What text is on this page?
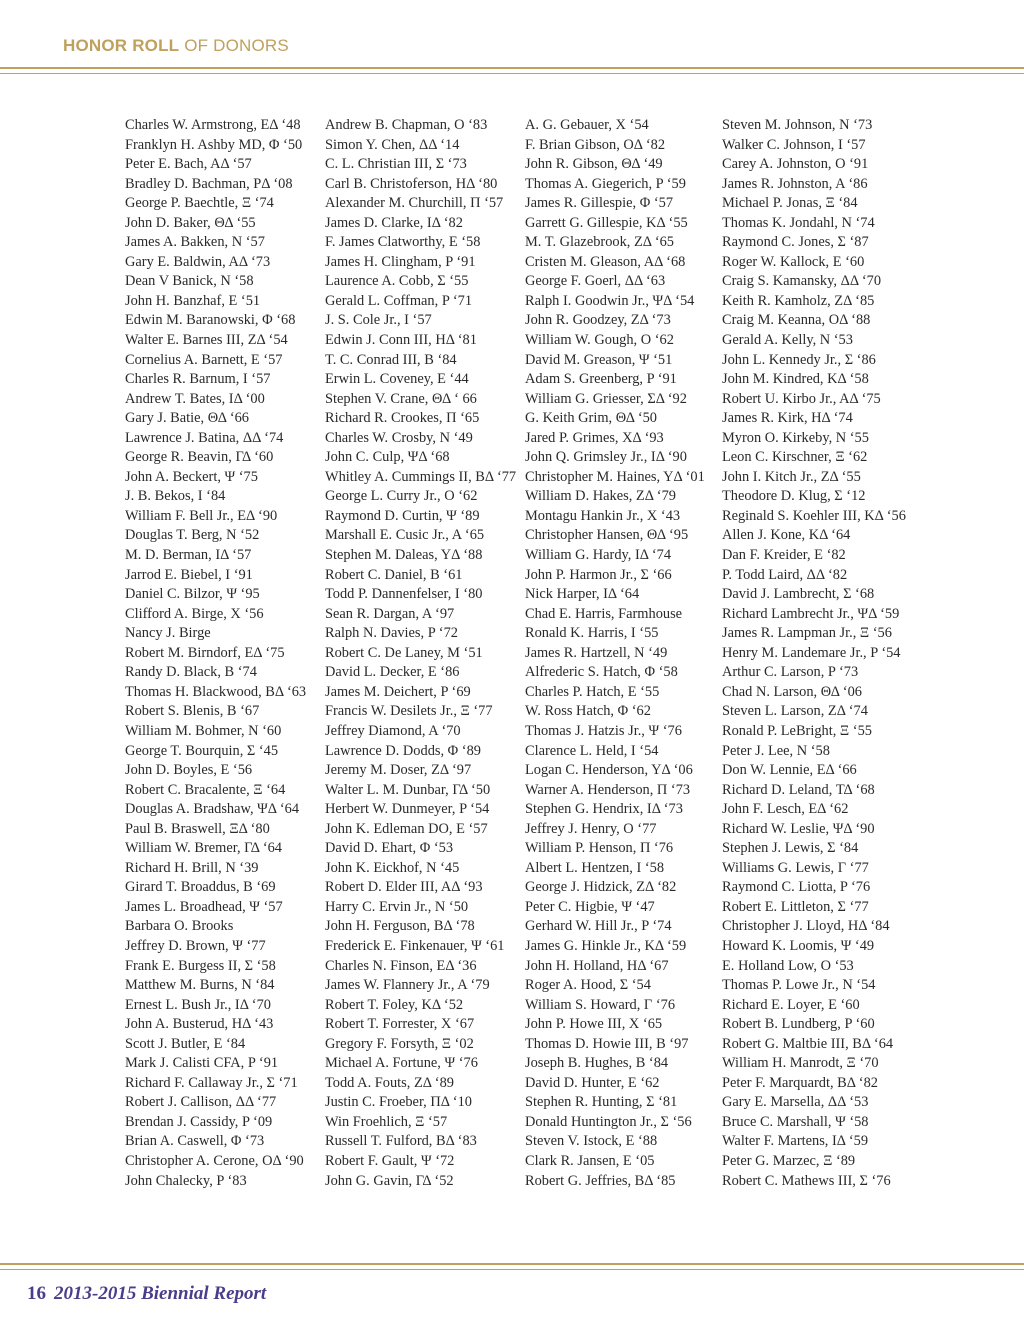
HONOR ROLL OF DONORS
Charles W. Armstrong, EΔ ‘48
Franklyn H. Ashby MD, Φ ‘50
Peter E. Bach, AΔ ‘57
Bradley D. Bachman, PΔ ‘08
George P. Baechtle, Ξ ‘74
John D. Baker, ΘΔ ‘55
James A. Bakken, N ‘57
Gary E. Baldwin, AΔ ‘73
Dean V Banick, N ‘58
John H. Banzhaf, E ‘51
Edwin M. Baranowski, Φ ‘68
Walter E. Barnes III, ZΔ ‘54
Cornelius A. Barnett, E ‘57
Charles R. Barnum, I ‘57
Andrew T. Bates, IΔ ‘00
Gary J. Batie, ΘΔ ‘66
Lawrence J. Batina, ΔΔ ‘74
George R. Beavin, ΓΔ ‘60
John A. Beckert, Ψ ‘75
J. B. Bekos, I ‘84
William F. Bell Jr., EΔ ‘90
Douglas T. Berg, N ‘52
M. D. Berman, IΔ ‘57
Jarrod E. Biebel, I ‘91
Daniel C. Bilzor, Ψ ‘95
Clifford A. Birge, X ‘56
Nancy J. Birge
Robert M. Birndorf, EΔ ‘75
Randy D. Black, B ‘74
Thomas H. Blackwood, BΔ ‘63
Robert S. Blenis, B ‘67
William M. Bohmer, N ‘60
George T. Bourquin, Σ ‘45
John D. Boyles, E ‘56
Robert C. Bracalente, Ξ ‘64
Douglas A. Bradshaw, ΨΔ ‘64
Paul B. Braswell, ΞΔ ‘80
William W. Bremer, ΓΔ ‘64
Richard H. Brill, N ‘39
Girard T. Broaddus, B ‘69
James L. Broadhead, Ψ ‘57
Barbara O. Brooks
Jeffrey D. Brown, Ψ ‘77
Frank E. Burgess II, Σ ‘58
Matthew M. Burns, N ‘84
Ernest L. Bush Jr., IΔ ‘70
John A. Busterud, HΔ ‘43
Scott J. Butler, E ‘84
Mark J. Calisti CFA, P ‘91
Richard F. Callaway Jr., Σ ‘71
Robert J. Callison, ΔΔ ‘77
Brendan J. Cassidy, P ‘09
Brian A. Caswell, Φ ‘73
Christopher A. Cerone, OΔ ‘90
John Chalecky, P ‘83
Andrew B. Chapman, O ‘83
Simon Y. Chen, ΔΔ ‘14
C. L. Christian III, Σ ‘73
Carl B. Christoferson, HΔ ‘80
Alexander M. Churchill, Π ‘57
James D. Clarke, IΔ ‘82
F. James Clatworthy, E ‘58
James H. Clingham, P ‘91
Laurence A. Cobb, Σ ‘55
Gerald L. Coffman, P ‘71
J. S. Cole Jr., I ‘57
Edwin J. Conn III, HΔ ‘81
T. C. Conrad III, B ‘84
Erwin L. Coveney, E ‘44
Stephen V. Crane, ΘΔ ‘ 66
Richard R. Crookes, Π ‘65
Charles W. Crosby, N ‘49
John C. Culp, ΨΔ ‘68
Whitley A. Cummings II, BΔ ‘77
George L. Curry Jr., O ‘62
Raymond D. Curtin, Ψ ‘89
Marshall E. Cusic Jr., A ‘65
Stephen M. Daleas, YΔ ‘88
Robert C. Daniel, B ‘61
Todd P. Dannenfelser, I ‘80
Sean R. Dargan, A ‘97
Ralph N. Davies, P ‘72
Robert C. De Laney, M ‘51
David L. Decker, E ‘86
James M. Deichert, P ‘69
Francis W. Desilets Jr., Ξ ‘77
Jeffrey Diamond, A ‘70
Lawrence D. Dodds, Φ ‘89
Jeremy M. Doser, ZΔ ‘97
Walter L. M. Dunbar, ΓΔ ‘50
Herbert W. Dunmeyer, P ‘54
John K. Edleman DO, E ‘57
David D. Ehart, Φ ‘53
John K. Eickhof, N ‘45
Robert D. Elder III, AΔ ‘93
Harry C. Ervin Jr., N ‘50
John H. Ferguson, BΔ ‘78
Frederick E. Finkenauer, Ψ ‘61
Charles N. Finson, EΔ ‘36
James W. Flannery Jr., A ‘79
Robert T. Foley, KΔ ‘52
Robert T. Forrester, X ‘67
Gregory F. Forsyth, Ξ ‘02
Michael A. Fortune, Ψ ‘76
Todd A. Fouts, ZΔ ‘89
Justin C. Froeber, ΠΔ ‘10
Win Froehlich, Ξ ‘57
Russell T. Fulford, BΔ ‘83
Robert F. Gault, Ψ ‘72
John G. Gavin, ΓΔ ‘52
A. G. Gebauer, X ‘54
F. Brian Gibson, OΔ ‘82
John R. Gibson, ΘΔ ‘49
Thomas A. Giegerich, P ‘59
James R. Gillespie, Φ ‘57
Garrett G. Gillespie, KΔ ‘55
M. T. Glazebrook, ZΔ ‘65
Cristen M. Gleason, AΔ ‘68
George F. Goerl, ΔΔ ‘63
Ralph I. Goodwin Jr., ΨΔ ‘54
John R. Goodzey, ZΔ ‘73
William W. Gough, O ‘62
David M. Greason, Ψ ‘51
Adam S. Greenberg, P ‘91
William G. Griesser, ΣΔ ‘92
G. Keith Grim, ΘΔ ‘50
Jared P. Grimes, XΔ ‘93
John Q. Grimsley Jr., IΔ ‘90
Christopher M. Haines, YΔ ‘01
William D. Hakes, ZΔ ‘79
Montagu Hankin Jr., X ‘43
Christopher Hansen, ΘΔ ‘95
William G. Hardy, IΔ ‘74
John P. Harmon Jr., Σ ‘66
Nick Harper, IΔ ‘64
Chad E. Harris, Farmhouse
Ronald K. Harris, I ‘55
James R. Hartzell, N ‘49
Alfrederic S. Hatch, Φ ‘58
Charles P. Hatch, E ‘55
W. Ross Hatch, Φ ‘62
Thomas J. Hatzis Jr., Ψ ‘76
Clarence L. Held, I ‘54
Logan C. Henderson, YΔ ‘06
Warner A. Henderson, Π ‘73
Stephen G. Hendrix, IΔ ‘73
Jeffrey J. Henry, O ‘77
William P. Henson, Π ‘76
Albert L. Hentzen, I ‘58
George J. Hidzick, ZΔ ‘82
Peter C. Higbie, Ψ ‘47
Gerhard W. Hill Jr., P ‘74
James G. Hinkle Jr., KΔ ‘59
John H. Holland, HΔ ‘67
Roger A. Hood, Σ ‘54
William S. Howard, Γ ‘76
John P. Howe III, X ‘65
Thomas D. Howie III, B ‘97
Joseph B. Hughes, B ‘84
David D. Hunter, E ‘62
Stephen R. Hunting, Σ ‘81
Donald Huntington Jr., Σ ‘56
Steven V. Istock, E ‘88
Clark R. Jansen, E ‘05
Robert G. Jeffries, BΔ ‘85
Steven M. Johnson, N ‘73
Walker C. Johnson, I ‘57
Carey A. Johnston, O ‘91
James R. Johnston, A ‘86
Michael P. Jonas, Ξ ‘84
Thomas K. Jondahl, N ‘74
Raymond C. Jones, Σ ‘87
Roger W. Kallock, E ‘60
Craig S. Kamansky, ΔΔ ‘70
Keith R. Kamholz, ZΔ ‘85
Craig M. Keanna, OΔ ‘88
Gerald A. Kelly, N ‘53
John L. Kennedy Jr., Σ ‘86
John M. Kindred, KΔ ‘58
Robert U. Kirbo Jr., AΔ ‘75
James R. Kirk, HΔ ‘74
Myron O. Kirkeby, N ‘55
Leon C. Kirschner, Ξ ‘62
John I. Kitch Jr., ZΔ ‘55
Theodore D. Klug, Σ ‘12
Reginald S. Koehler III, KΔ ‘56
Allen J. Kone, KΔ ‘64
Dan F. Kreider, E ‘82
P. Todd Laird, ΔΔ ‘82
David J. Lambrecht, Σ ‘68
Richard Lambrecht Jr., ΨΔ ‘59
James R. Lampman Jr., Ξ ‘56
Henry M. Landemare Jr., P ‘54
Arthur C. Larson, P ‘73
Chad N. Larson, ΘΔ ‘06
Steven L. Larson, ZΔ ‘74
Ronald P. LeBright, Ξ ‘55
Peter J. Lee, N ‘58
Don W. Lennie, EΔ ‘66
Richard D. Leland, ΤΔ ‘68
John F. Lesch, EΔ ‘62
Richard W. Leslie, ΨΔ ‘90
Stephen J. Lewis, Σ ‘84
Williams G. Lewis, Γ ‘77
Raymond C. Liotta, P ‘76
Robert E. Littleton, Σ ‘77
Christopher J. Lloyd, HΔ ‘84
Howard K. Loomis, Ψ ‘49
E. Holland Low, O ‘53
Thomas P. Lowe Jr., N ‘54
Richard E. Loyer, E ‘60
Robert B. Lundberg, P ‘60
Robert G. Maltbie III, BΔ ‘64
William H. Manrodt, Ξ ‘70
Peter F. Marquardt, BΔ ‘82
Gary E. Marsella, ΔΔ ‘53
Bruce C. Marshall, Ψ ‘58
Walter F. Martens, IΔ ‘59
Peter G. Marzec, Ξ ‘89
Robert C. Mathews III, Σ ‘76
16 2013-2015 Biennial Report
